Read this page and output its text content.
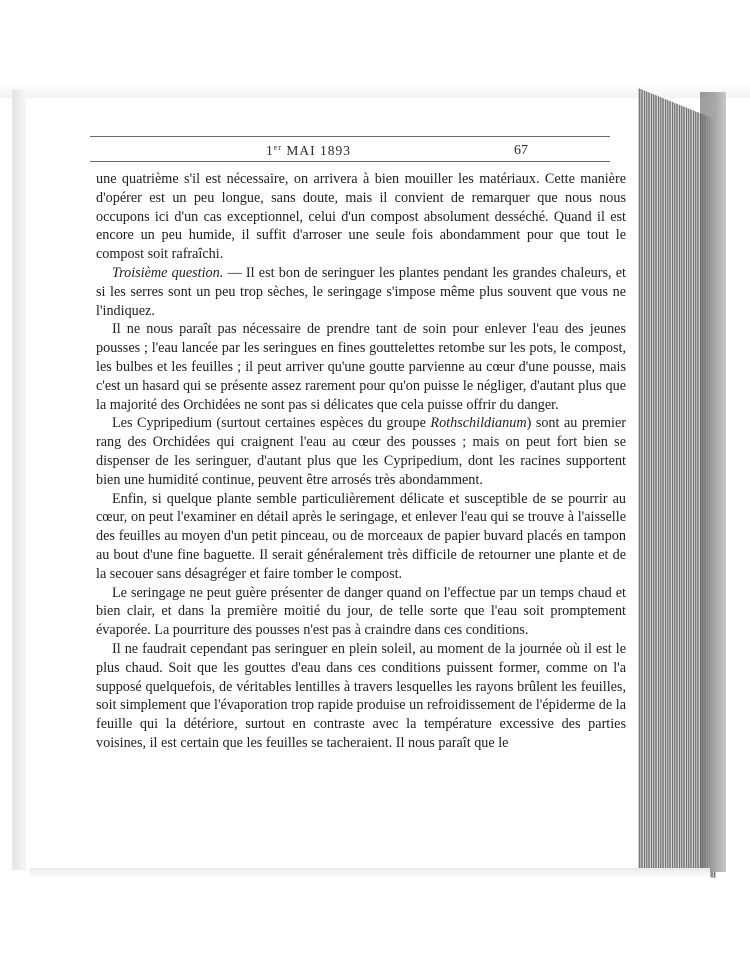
1er MAI 1893	67

une quatrième s'il est nécessaire, on arrivera à bien mouiller les matériaux. Cette manière d'opérer est un peu longue, sans doute, mais il convient de remarquer que nous nous occupons ici d'un cas exceptionnel, celui d'un compost absolument desséché. Quand il est encore un peu humide, il suffit d'arroser une seule fois abondamment pour que tout le compost soit rafraîchi.

Troisième question. — Il est bon de seringuer les plantes pendant les grandes chaleurs, et si les serres sont un peu trop sèches, le seringage s'impose même plus souvent que vous ne l'indiquez.

Il ne nous paraît pas nécessaire de prendre tant de soin pour enlever l'eau des jeunes pousses ; l'eau lancée par les seringues en fines gouttelettes retombe sur les pots, le compost, les bulbes et les feuilles ; il peut arriver qu'une goutte parvienne au cœur d'une pousse, mais c'est un hasard qui se présente assez rarement pour qu'on puisse le négliger, d'autant plus que la majorité des Orchidées ne sont pas si délicates que cela puisse offrir du danger.

Les Cypripedium (surtout certaines espèces du groupe Rothschildianum) sont au premier rang des Orchidées qui craignent l'eau au cœur des pousses ; mais on peut fort bien se dispenser de les seringuer, d'autant plus que les Cypripedium, dont les racines supportent bien une humidité continue, peuvent être arrosés très abondamment.

Enfin, si quelque plante semble particulièrement délicate et susceptible de se pourrir au cœur, on peut l'examiner en détail après le seringage, et enlever l'eau qui se trouve à l'aisselle des feuilles au moyen d'un petit pinceau, ou de morceaux de papier buvard placés en tampon au bout d'une fine baguette. Il serait généralement très difficile de retourner une plante et de la secouer sans désagréger et faire tomber le compost.

Le seringage ne peut guère présenter de danger quand on l'effectue par un temps chaud et bien clair, et dans la première moitié du jour, de telle sorte que l'eau soit promptement évaporée. La pourriture des pousses n'est pas à craindre dans ces conditions.

Il ne faudrait cependant pas seringuer en plein soleil, au moment de la journée où il est le plus chaud. Soit que les gouttes d'eau dans ces conditions puissent former, comme on l'a supposé quelquefois, de véritables lentilles à travers lesquelles les rayons brûlent les feuilles, soit simplement que l'évaporation trop rapide produise un refroidissement de l'épiderme de la feuille qui la détériore, surtout en contraste avec la température excessive des parties voisines, il est certain que les feuilles se tacheraient. Il nous paraît que le
